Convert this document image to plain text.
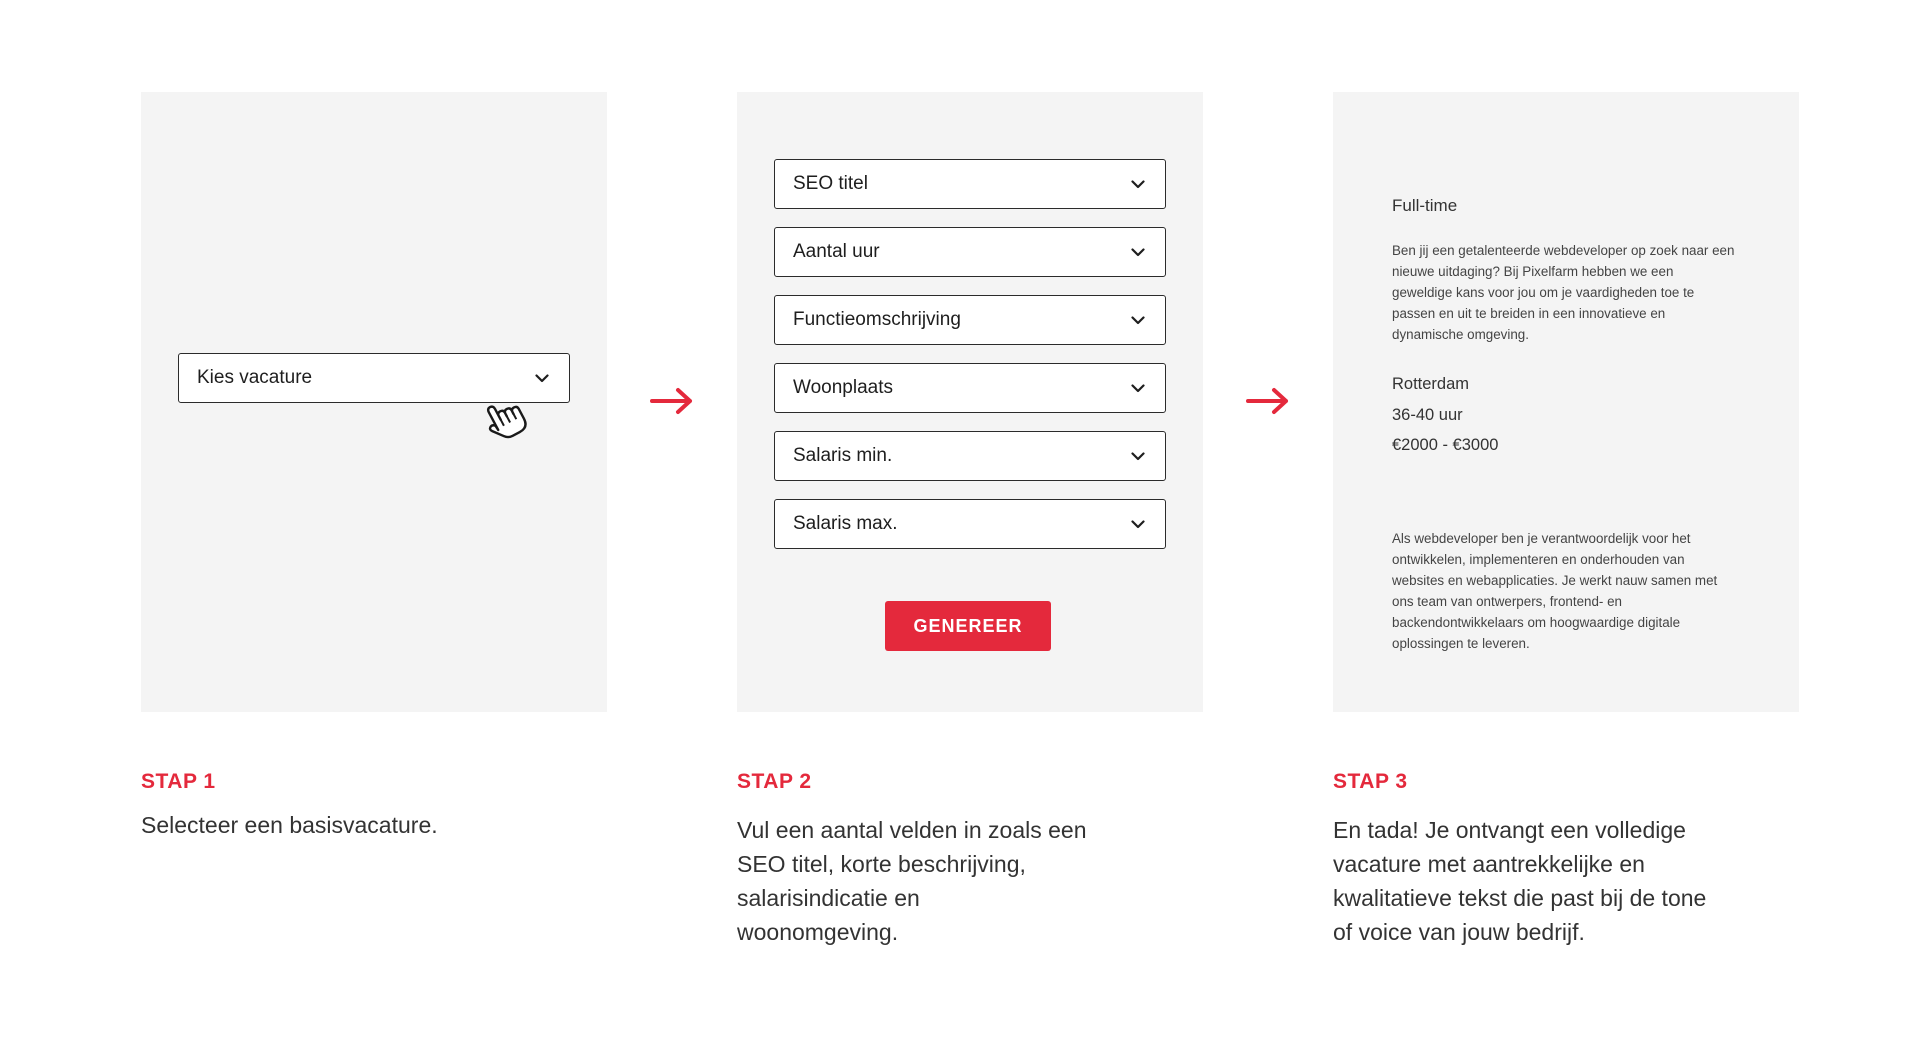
Kies vacature
SEO titel
Aantal uur
Functieomschrijving
Woonplaats
Salaris min.
Salaris max.
GENEREER
Full-time
Ben jij een getalenteerde webdeveloper op zoek naar een nieuwe uitdaging? Bij Pixelfarm hebben we een geweldige kans voor jou om je vaardigheden toe te passen en uit te breiden in een innovatieve en dynamische omgeving.
Rotterdam
36-40 uur
€2000 - €3000
Als webdeveloper ben je verantwoordelijk voor het ontwikkelen, implementeren en onderhouden van websites en webapplicaties. Je werkt nauw samen met ons team van ontwerpers, frontend- en backendontwikkelaars om hoogwaardige digitale oplossingen te leveren.
STAP 1
Selecteer een basisvacature.
STAP 2
Vul een aantal velden in zoals een SEO titel, korte beschrijving, salarisindicatie en woonomgeving.
STAP 3
En tada! Je ontvangt een volledige vacature met aantrekkelijke en kwalitatieve tekst die past bij de tone of voice van jouw bedrijf.
